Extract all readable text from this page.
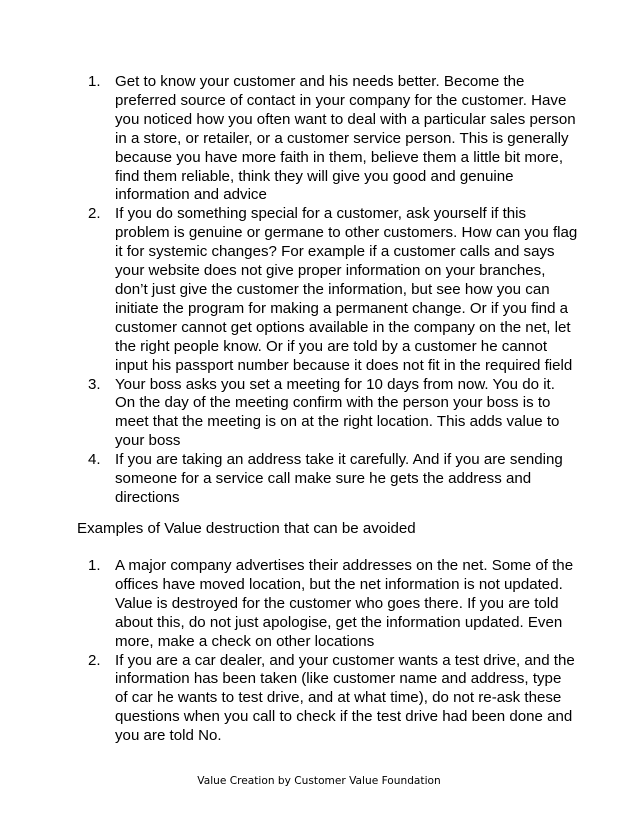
1. Get to know your customer and his needs better. Become the preferred source of contact in your company for the customer. Have you noticed how you often want to deal with a particular sales person in a store, or retailer, or a customer service person. This is generally because you have more faith in them, believe them a little bit more, find them reliable, think they will give you good and genuine information and advice
2. If you do something special for a customer, ask yourself if this problem is genuine or germane to other customers. How can you flag it for systemic changes? For example if a customer calls and says your website does not give proper information on your branches, don’t just give the customer the information, but see how you can initiate the program for making a permanent change. Or if you find a customer cannot get options available in the company on the net, let the right people know. Or if you are told by a customer he cannot input his passport number because it does not fit in the required field
3. Your boss asks you set a meeting for 10 days from now. You do it. On the day of the meeting confirm with the person your boss is to meet that the meeting is on at the right location. This adds value to your boss
4. If you are taking an address take it carefully. And if you are sending someone for a service call make sure he gets the address and directions

Examples of Value destruction that can be avoided

1. A major company advertises their addresses on the net. Some of the offices have moved location, but the net information is not updated. Value is destroyed for the customer who goes there. If you are told about this, do not just apologise, get the information updated. Even more, make a check on other locations
2. If you are a car dealer, and your customer wants a test drive, and the information has been taken (like customer name and address, type of car he wants to test drive, and at what time), do not re-ask these questions when you call to check if the test drive had been done and you are told No.
Value Creation by Customer Value Foundation
